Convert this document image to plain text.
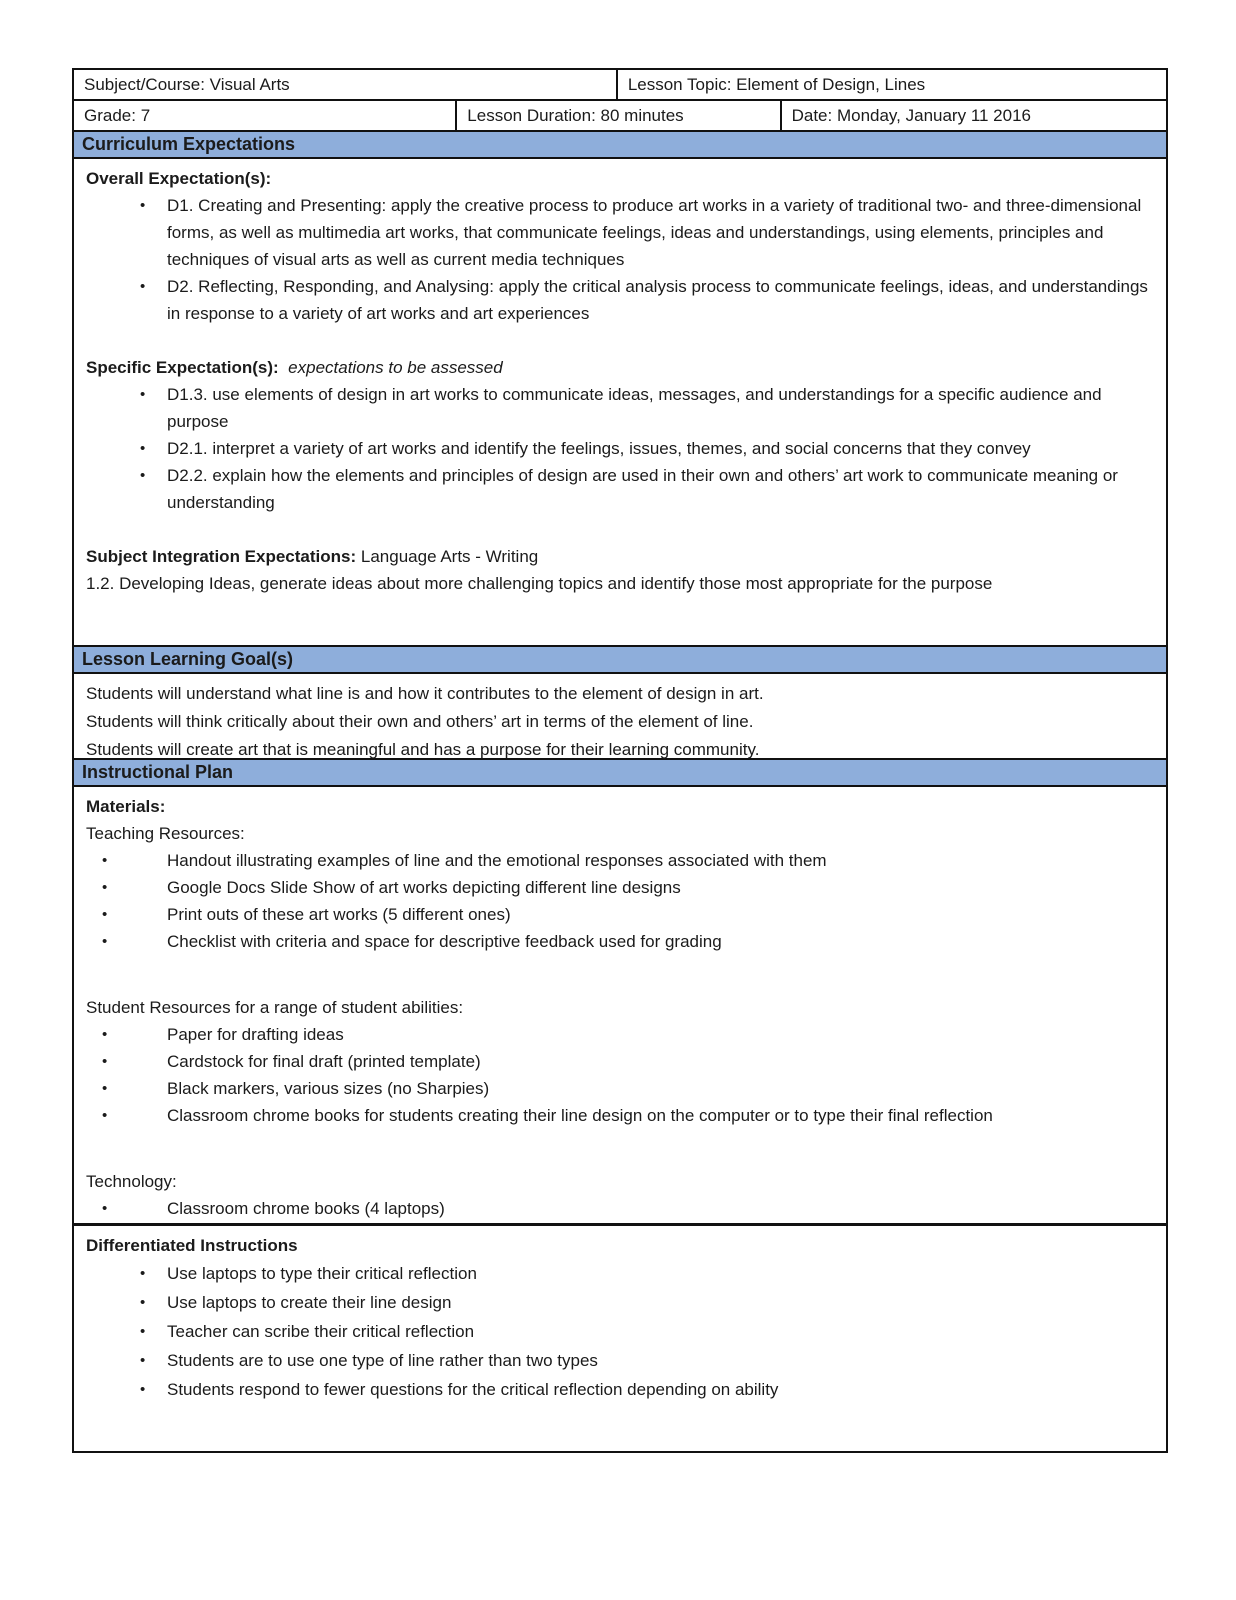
Subject/Course: Visual Arts	Lesson Topic: Element of Design, Lines
Grade: 7	Lesson Duration: 80 minutes	Date: Monday, January 11 2016
Curriculum Expectations

Overall Expectation(s):

•	D1. Creating and Presenting: apply the creative process to produce art works in a variety of traditional two- and three-dimensional forms, as well as multimedia art works, that communicate feelings, ideas and understandings, using elements, principles and techniques of visual arts as well as current media techniques
•	D2. Reflecting, Responding, and Analysing: apply the critical analysis process to communicate feelings, ideas, and understandings in response to a variety of art works and art experiences

Specific Expectation(s): expectations to be assessed

•	D1.3. use elements of design in art works to communicate ideas, messages, and understandings for a specific audience and purpose
•	D2.1. interpret a variety of art works and identify the feelings, issues, themes, and social concerns that they convey
•	D2.2. explain how the elements and principles of design are used in their own and others’ art work to communicate meaning or understanding

Subject Integration Expectations: Language Arts - Writing

1.2. Developing Ideas, generate ideas about more challenging topics and identify those most appropriate for the purpose

Lesson Learning Goal(s)

Students will understand what line is and how it contributes to the element of design in art.

Students will think critically about their own and others’ art in terms of the element of line.

Students will create art that is meaningful and has a purpose for their learning community.

Instructional Plan

Materials:

Teaching Resources:

•	Handout illustrating examples of line and the emotional responses associated with them
•	Google Docs Slide Show of art works depicting different line designs
•	Print outs of these art works (5 different ones)
•	Checklist with criteria and space for descriptive feedback used for grading

Student Resources for a range of student abilities:

•	Paper for drafting ideas
•	Cardstock for final draft (printed template)
•	Black markers, various sizes (no Sharpies)
•	Classroom chrome books for students creating their line design on the computer or to type their final reflection

Technology:

•	Classroom chrome books (4 laptops)

Differentiated Instructions

•	Use laptops to type their critical reflection
•	Use laptops to create their line design
•	Teacher can scribe their critical reflection
•	Students are to use one type of line rather than two types
•	Students respond to fewer questions for the critical reflection depending on ability
